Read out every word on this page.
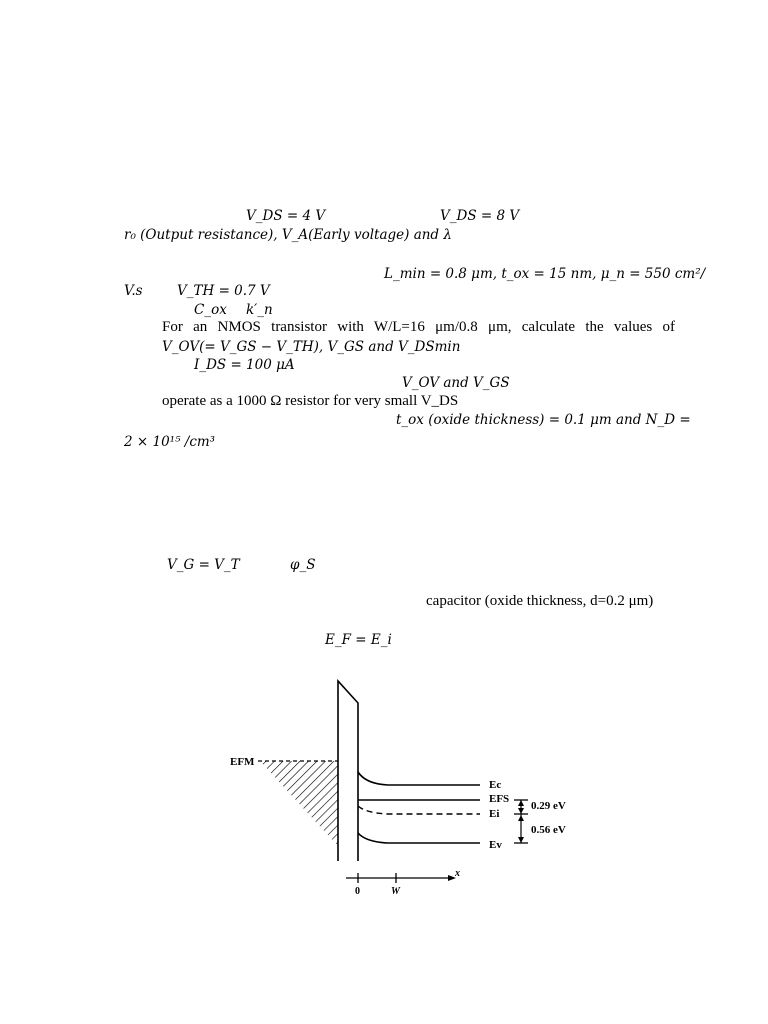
V_DS = 4 V	V_DS = 8 V
r₀ (Output resistance), V_A(Early voltage) and λ
L_min = 0.8 μm, t_ox = 15 nm, μ_n = 550 cm²/
V.s	V_TH = 0.7 V
C_ox k′_n
For an NMOS transistor with W/L=16 μm/0.8 μm, calculate the values of
V_OV(= V_GS − V_TH), V_GS and V_DSmin
I_DS = 100 μA
V_OV and V_GS
operate as a 1000 Ω resistor for very small V_DS
t_ox (oxide thickness) = 0.1 μm and N_D =
2 × 10¹⁵ /cm³
V_G = V_T	φ_S
capacitor (oxide thickness, d=0.2 μm)
E_F = E_i
EFM
Ec
EFS
Ei
Ev
0.29 eV
0.56 eV
x
0	W
